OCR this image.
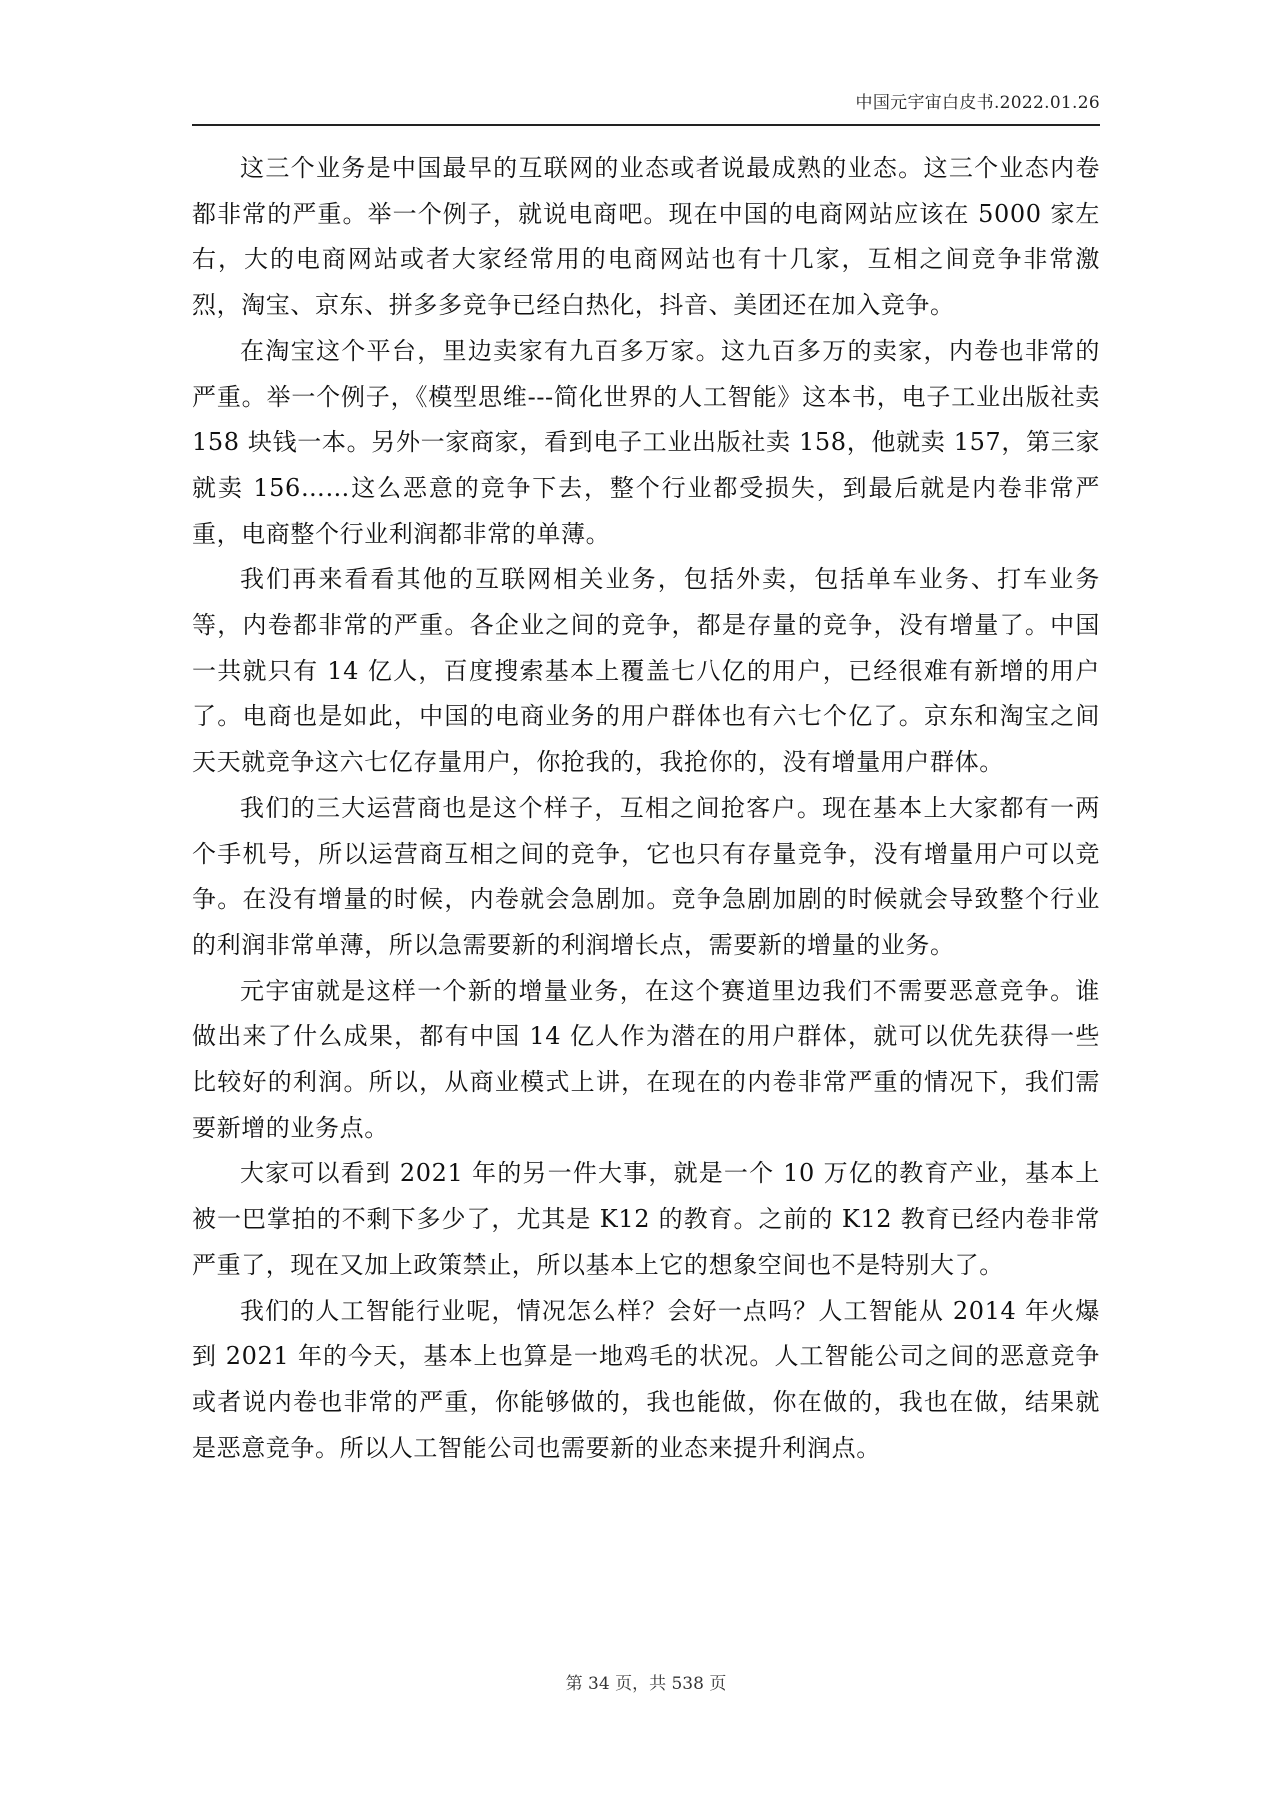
中国元宇宙白皮书.2022.01.26

这三个业务是中国最早的互联网的业态或者说最成熟的业态。这三个业态内卷都非常的严重。举一个例子，就说电商吧。现在中国的电商网站应该在 5000 家左右，大的电商网站或者大家经常用的电商网站也有十几家，互相之间竞争非常激烈，淘宝、京东、拼多多竞争已经白热化，抖音、美团还在加入竞争。

在淘宝这个平台，里边卖家有九百多万家。这九百多万的卖家，内卷也非常的严重。举一个例子，《模型思维---简化世界的人工智能》这本书，电子工业出版社卖 158 块钱一本。另外一家商家，看到电子工业出版社卖 158，他就卖 157，第三家就卖 156……这么恶意的竞争下去，整个行业都受损失，到最后就是内卷非常严重，电商整个行业利润都非常的单薄。

我们再来看看其他的互联网相关业务，包括外卖，包括单车业务、打车业务等，内卷都非常的严重。各企业之间的竞争，都是存量的竞争，没有增量了。中国一共就只有 14 亿人，百度搜索基本上覆盖七八亿的用户，已经很难有新增的用户了。电商也是如此，中国的电商业务的用户群体也有六七个亿了。京东和淘宝之间天天就竞争这六七亿存量用户，你抢我的，我抢你的，没有增量用户群体。

我们的三大运营商也是这个样子，互相之间抢客户。现在基本上大家都有一两个手机号，所以运营商互相之间的竞争，它也只有存量竞争，没有增量用户可以竞争。在没有增量的时候，内卷就会急剧加。竞争急剧加剧的时候就会导致整个行业的利润非常单薄，所以急需要新的利润增长点，需要新的增量的业务。

元宇宙就是这样一个新的增量业务，在这个赛道里边我们不需要恶意竞争。谁做出来了什么成果，都有中国 14 亿人作为潜在的用户群体，就可以优先获得一些比较好的利润。所以，从商业模式上讲，在现在的内卷非常严重的情况下，我们需要新增的业务点。

大家可以看到 2021 年的另一件大事，就是一个 10 万亿的教育产业，基本上被一巴掌拍的不剩下多少了，尤其是 K12 的教育。之前的 K12 教育已经内卷非常严重了，现在又加上政策禁止，所以基本上它的想象空间也不是特别大了。

我们的人工智能行业呢，情况怎么样？会好一点吗？人工智能从 2014 年火爆到 2021 年的今天，基本上也算是一地鸡毛的状况。人工智能公司之间的恶意竞争或者说内卷也非常的严重，你能够做的，我也能做，你在做的，我也在做，结果就是恶意竞争。所以人工智能公司也需要新的业态来提升利润点。

第 34 页，共 538 页
